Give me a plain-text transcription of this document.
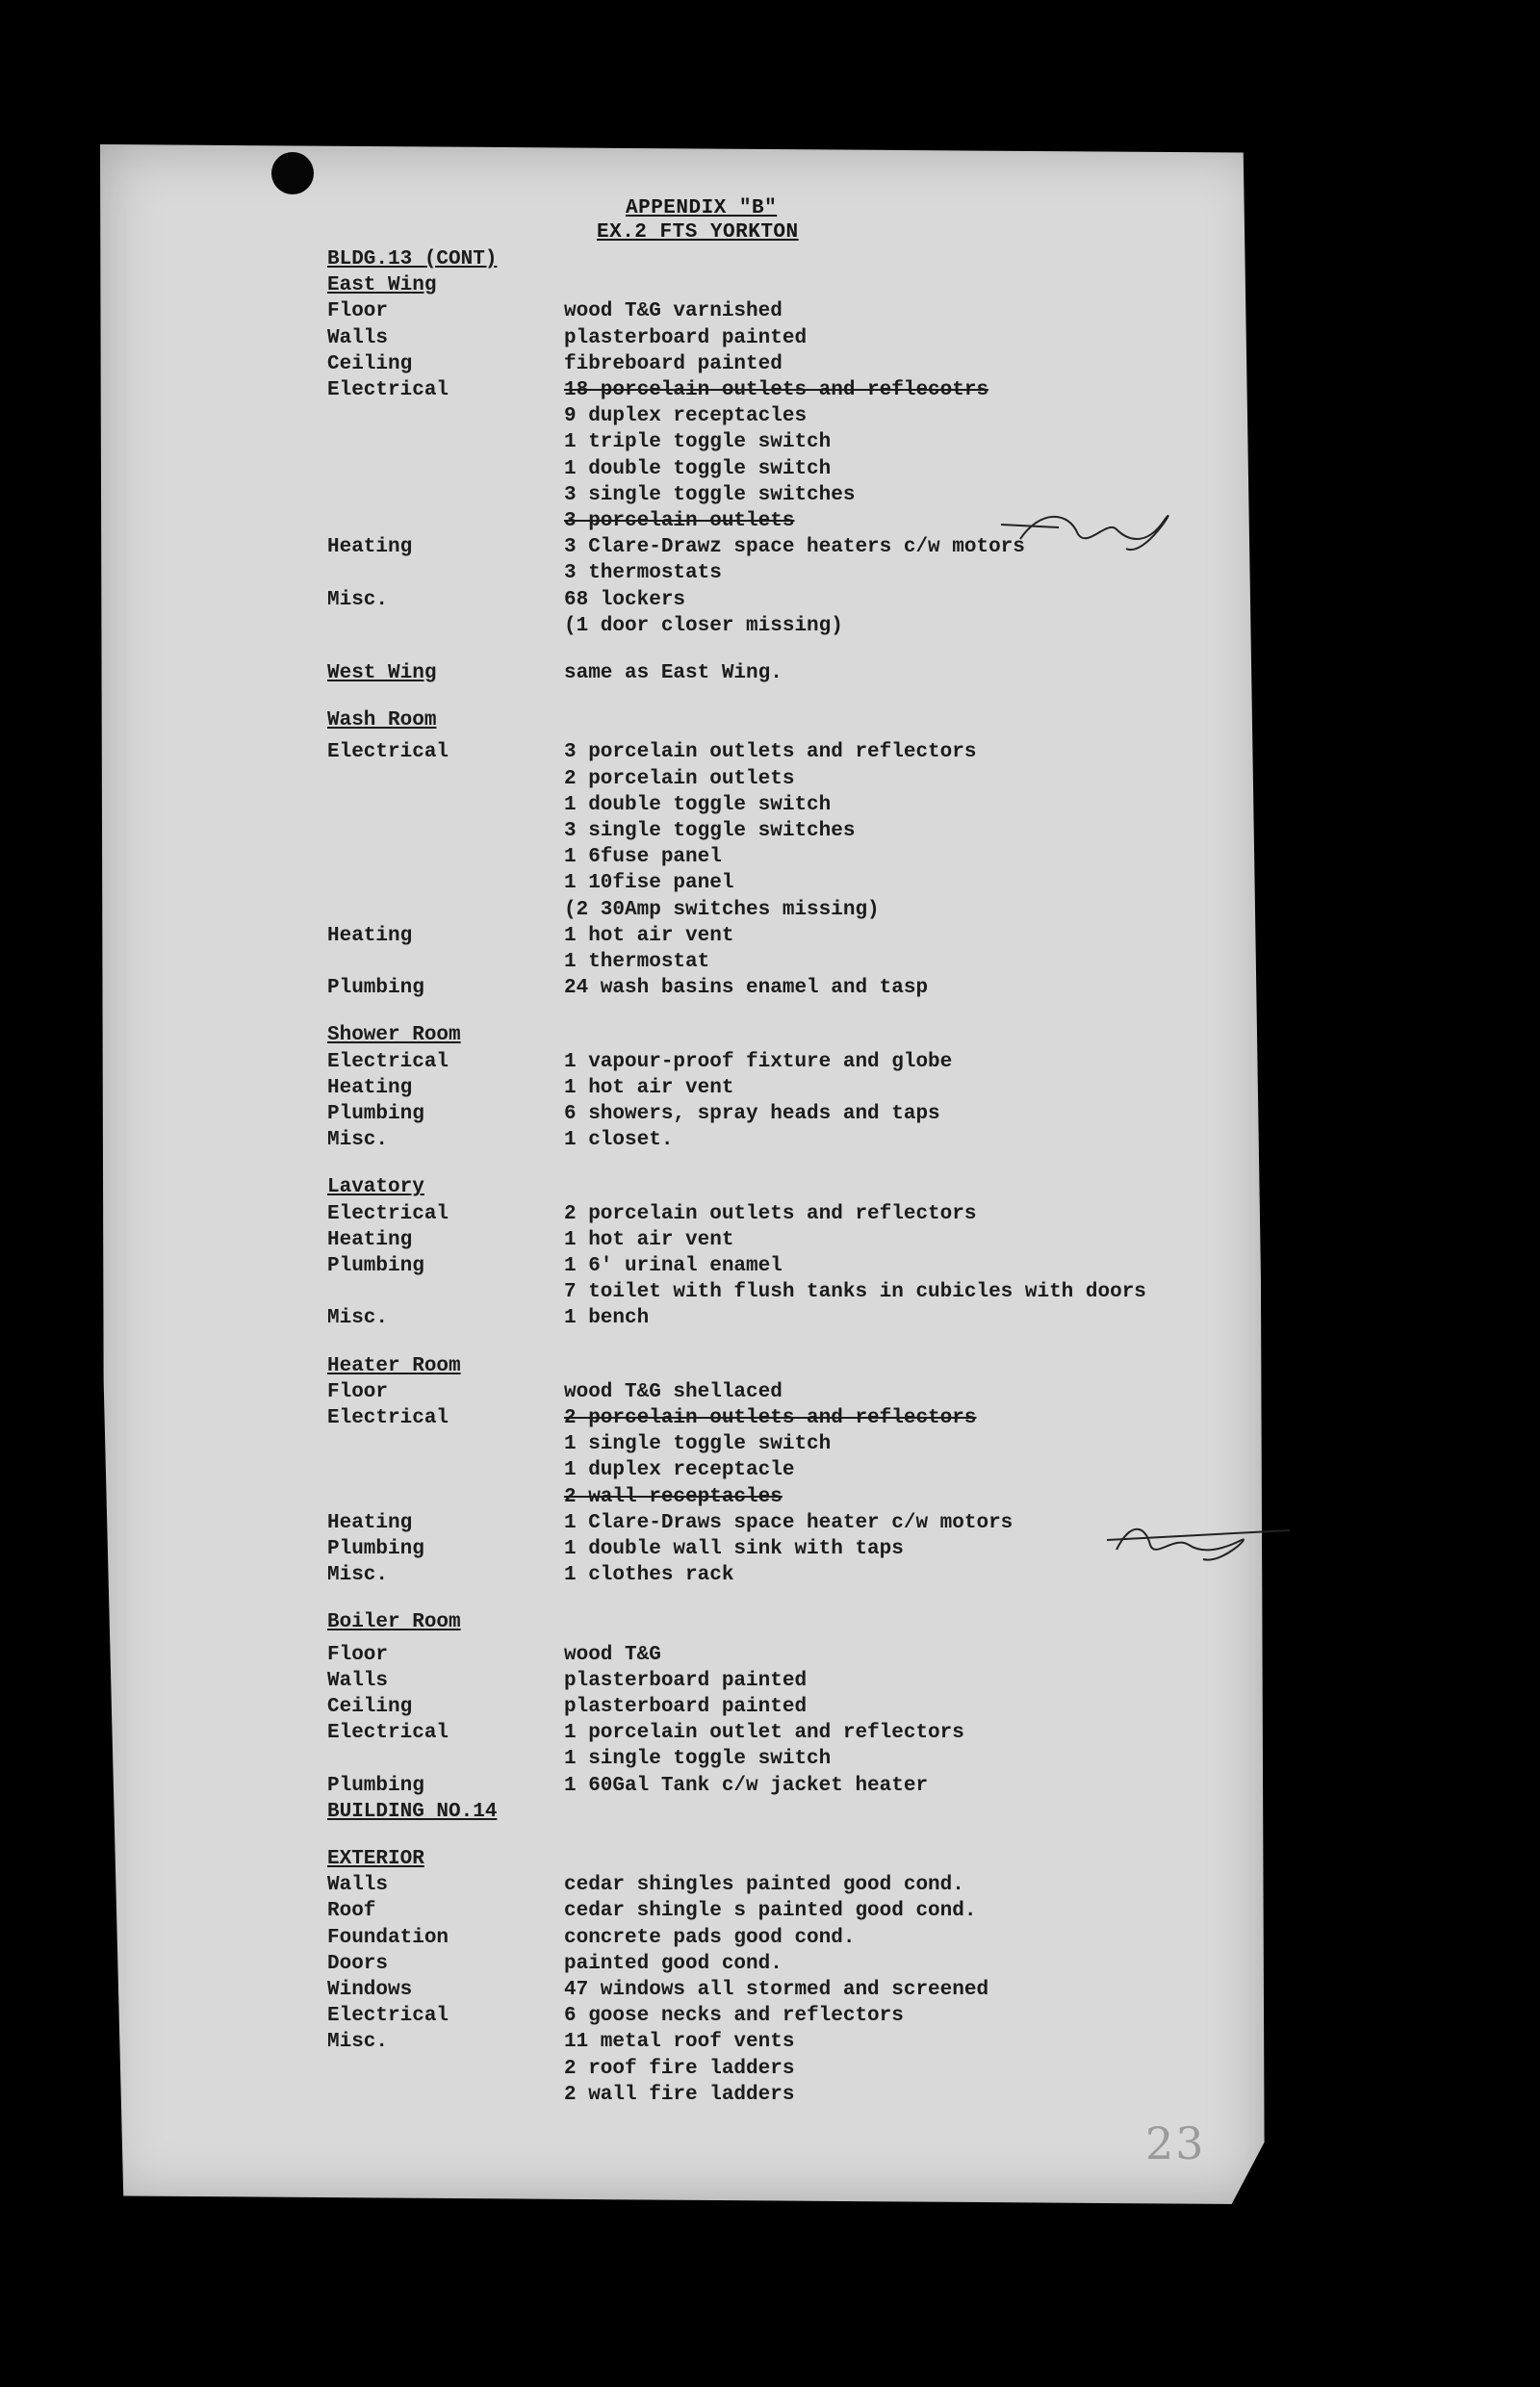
APPENDIX "B"
EX.2 FTS YORKTON
BLDG.13 (CONT)
East Wing
Floor	wood T&G varnished
Walls	plasterboard painted
Ceiling	fibreboard painted
Electrical	18 porcelain outlets and reflecotrs
9 duplex receptacles
1 triple toggle switch
1 double toggle switch
3 single toggle switches
3 porcelain outlets
Heating	3 Clare-Drawz space heaters c/w motors
3 thermostats
Misc.	68 lockers
(1 door closer missing)
West Wing	same as East Wing.
Wash Room
Electrical	3 porcelain outlets and reflectors
2 porcelain outlets
1 double toggle switch
3 single toggle switches
1 6fuse panel
1 10fise panel
(2 30Amp switches missing)
Heating	1 hot air vent
1 thermostat
Plumbing	24 wash basins enamel and tasp
Shower Room
Electrical	1 vapour-proof fixture and globe
Heating	1 hot air vent
Plumbing	6 showers, spray heads and taps
Misc.	1 closet.
Lavatory
Electrical	2 porcelain outlets and reflectors
Heating	1 hot air vent
Plumbing	1 6' urinal enamel
7 toilet with flush tanks in cubicles with doors
Misc.	1 bench
Heater Room
Floor	wood T&G shellaced
Electrical	2 porcelain outlets and reflectors
1 single toggle switch
1 duplex receptacle
2 wall receptacles
Heating	1 Clare-Draws space heater c/w motors
Plumbing	1 double wall sink with taps
Misc.	1 clothes rack
Boiler Room
Floor	wood T&G
Walls	plasterboard painted
Ceiling	plasterboard painted
Electrical	1 porcelain outlet and reflectors
1 single toggle switch
Plumbing	1 60Gal Tank c/w jacket heater
BUILDING NO.14
EXTERIOR
Walls	cedar shingles painted good cond.
Roof	cedar shingle s painted good cond.
Foundation	concrete pads good cond.
Doors	painted good cond.
Windows	47 windows all stormed and screened
Electrical	6 goose necks and reflectors
Misc.	11 metal roof vents
2 roof fire ladders
2 wall fire ladders
23
